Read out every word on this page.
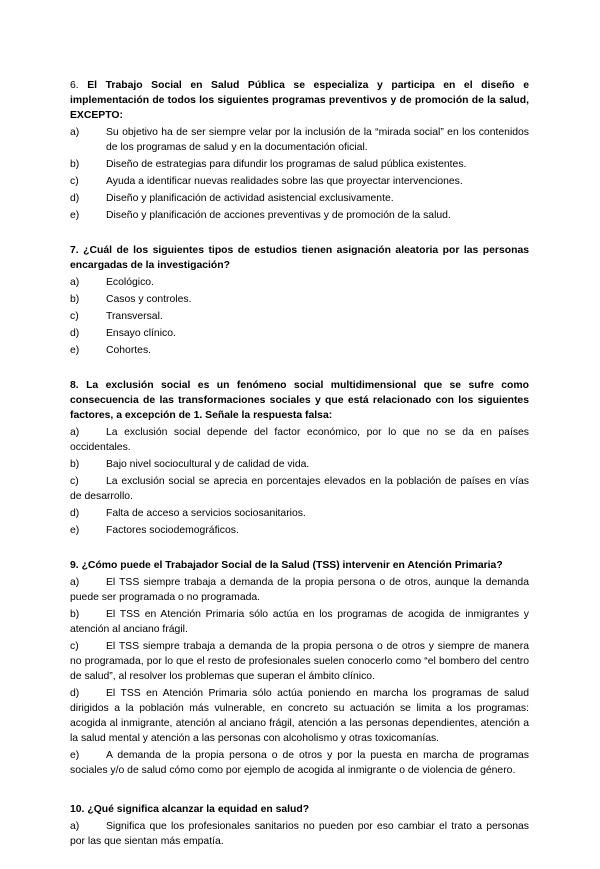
6. El Trabajo Social en Salud Pública se especializa y participa en el diseño e implementación de todos los siguientes programas preventivos y de promoción de la salud, EXCEPTO:
a)	Su objetivo ha de ser siempre velar por la inclusión de la “mirada social” en los contenidos de los programas de salud y en la documentación oficial.
b)	Diseño de estrategias para difundir los programas de salud pública existentes.
c)	Ayuda a identificar nuevas realidades sobre las que proyectar intervenciones.
d)	Diseño y planificación de actividad asistencial exclusivamente.
e)	Diseño y planificación de acciones preventivas y de promoción de la salud.
7. ¿Cuál de los siguientes tipos de estudios tienen asignación aleatoria por las personas encargadas de la investigación?
a)	Ecológico.
b)	Casos y controles.
c)	Transversal.
d)	Ensayo clínico.
e)	Cohortes.
8. La exclusión social es un fenómeno social multidimensional que se sufre como consecuencia de las transformaciones sociales y que está relacionado con los siguientes factores, a excepción de 1. Señale la respuesta falsa:
a)	La exclusión social depende del factor económico, por lo que no se da en países occidentales.
b)	Bajo nivel sociocultural y de calidad de vida.
c)	La exclusión social se aprecia en porcentajes elevados en la población de países en vías de desarrollo.
d)	Falta de acceso a servicios sociosanitarios.
e)	Factores sociodemográficos.
9. ¿Cómo puede el Trabajador Social de la Salud (TSS) intervenir en Atención Primaria?
a)	El TSS siempre trabaja a demanda de la propia persona o de otros, aunque la demanda puede ser programada o no programada.
b)	El TSS en Atención Primaria sólo actúa en los programas de acogida de inmigrantes y atención al anciano frágil.
c)	El TSS siempre trabaja a demanda de la propia persona o de otros y siempre de manera no programada, por lo que el resto de profesionales suelen conocerlo como “el bombero del centro de salud”, al resolver los problemas que superan el ámbito clínico.
d)	El TSS en Atención Primaria sólo actúa poniendo en marcha los programas de salud dirigidos a la población más vulnerable, en concreto su actuación se limita a los programas: acogida al inmigrante, atención al anciano frágil, atención a las personas dependientes, atención a la salud mental y atención a las personas con alcoholismo y otras toxicomanías.
e)	A demanda de la propia persona o de otros y por la puesta en marcha de programas sociales y/o de salud cómo como por ejemplo de acogida al inmigrante o de violencia de género.
10. ¿Qué significa alcanzar la equidad en salud?
a)	Significa que los profesionales sanitarios no pueden por eso cambiar el trato a personas por las que sientan más empatía.
